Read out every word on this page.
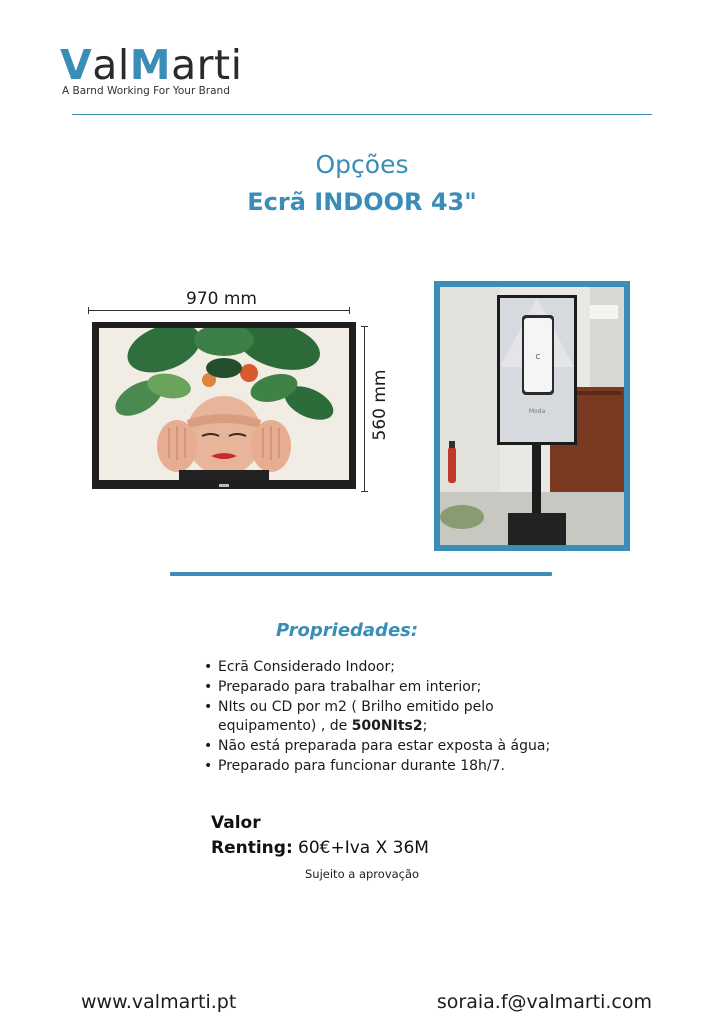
ValMarti
A Barnd Working For Your Brand
Opções
Ecrã INDOOR 43"
970 mm
560 mm
C
Moda
Propriedades:
• Ecrã Considerado Indoor;
• Preparado para trabalhar em interior;
• NIts ou CD por m2 ( Brilho emitido pelo equipamento) , de 500NIts2;
• Não está preparada para estar exposta à água;
• Preparado para funcionar durante 18h/7.
Valor
Renting: 60€+Iva X 36M
Sujeito a aprovação
www.valmarti.pt	soraia.f@valmarti.com
